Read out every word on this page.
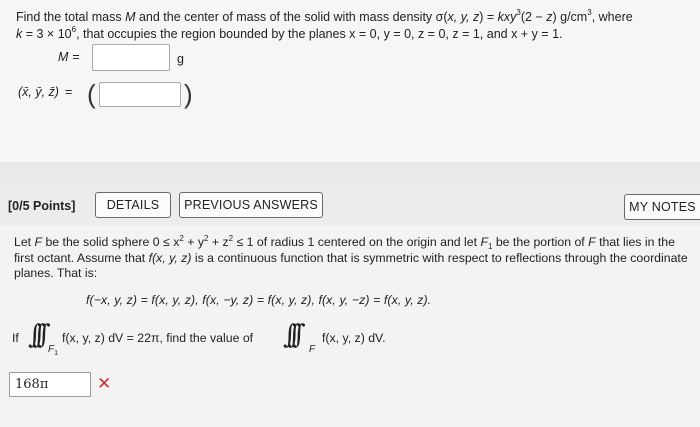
Find the total mass M and the center of mass of the solid with mass density σ(x, y, z) = kxy$^3$(2 − z) $g/cm^3$, where
$k = 3 \times 10^6$, that occupies the region bounded by the planes x = 0, y = 0, z = 0, z = 1, and x + y = 1.
M =	g
(x̄, ȳ, z̄) = (	)
[0/5 Points]	DETAILS	PREVIOUS ANSWERS	MY NOTES
Let F be the solid sphere $0 \le x^2 + y^2 + z^2 \le 1$ of radius 1 centered on the origin and let $F_1$ be the portion of F that lies in the first octant. Assume that f(x, y, z) is a continuous function that is symmetric with respect to reflections through the coordinate planes. That is:
f(−x, y, z) = f(x, y, z), f(x, −y, z) = f(x, y, z), f(x, y, −z) = f(x, y, z).
If ∫∫∫ $F_1$
f(x, y, z) dV = 22π, find the value of ∫∫∫ F
f(x, y, z) dV.
168π	✕
